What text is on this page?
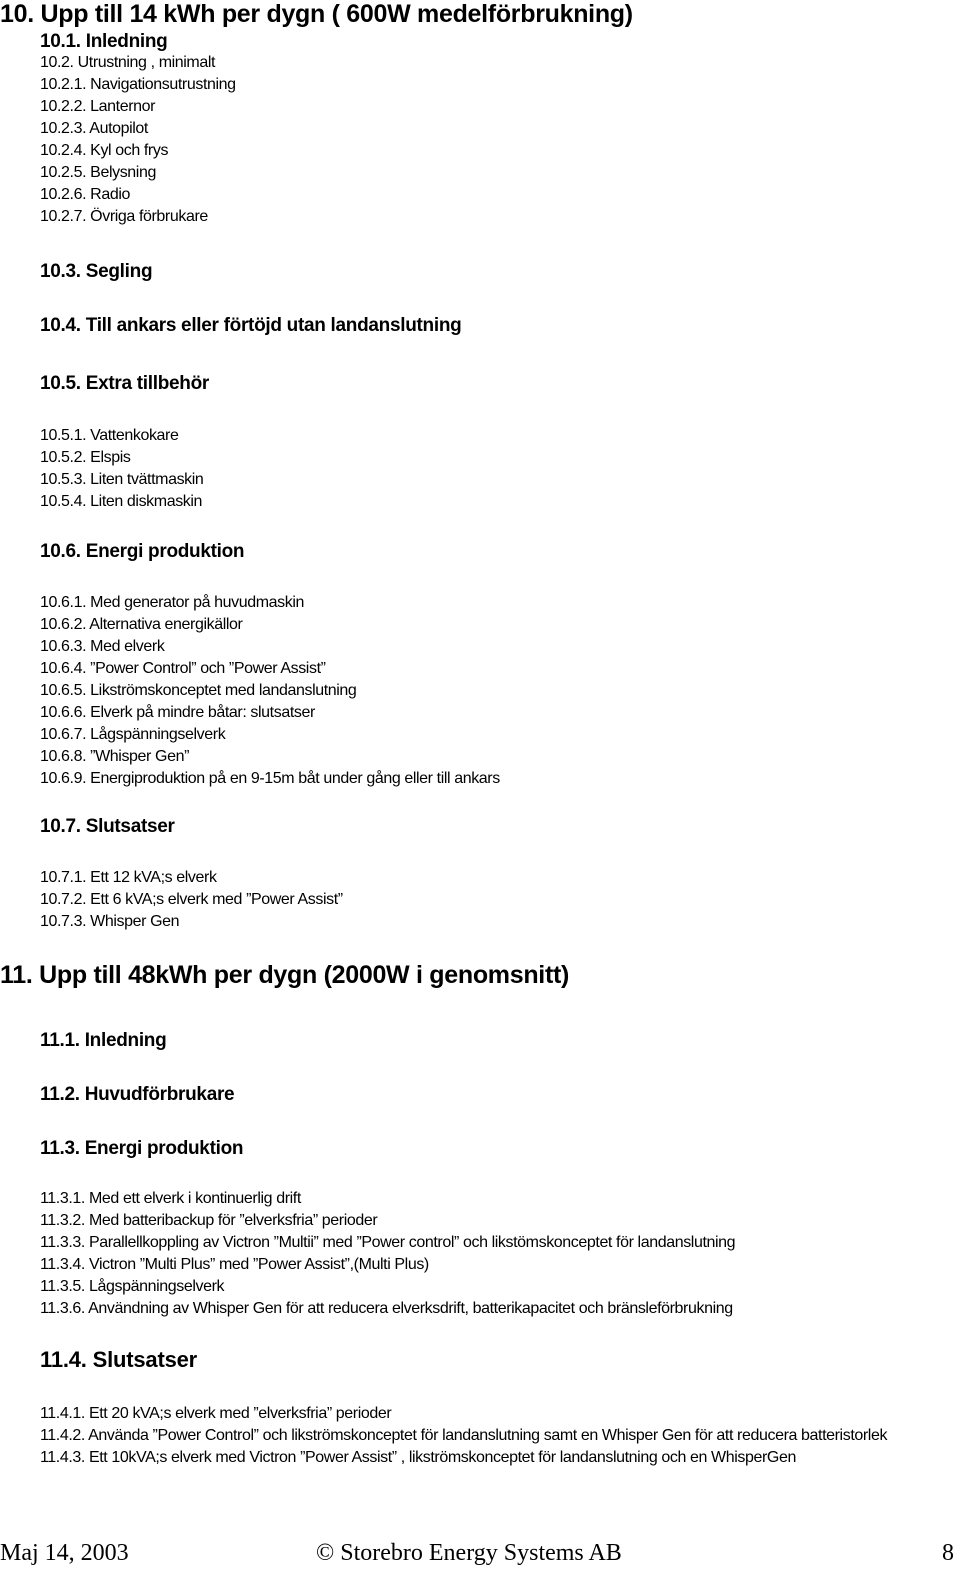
10. Upp till 14 kWh per dygn ( 600W medelförbrukning)
10.1. Inledning
10.2. Utrustning , minimalt
10.2.1. Navigationsutrustning
10.2.2. Lanternor
10.2.3. Autopilot
10.2.4. Kyl och frys
10.2.5. Belysning
10.2.6. Radio
10.2.7. Övriga förbrukare
10.3. Segling
10.4. Till ankars eller förtöjd utan landanslutning
10.5. Extra tillbehör
10.5.1. Vattenkokare
10.5.2. Elspis
10.5.3. Liten tvättmaskin
10.5.4. Liten diskmaskin
10.6. Energi produktion
10.6.1. Med generator på huvudmaskin
10.6.2. Alternativa energikällor
10.6.3. Med elverk
10.6.4. ”Power Control” och ”Power Assist”
10.6.5. Likströmskonceptet med landanslutning
10.6.6. Elverk på mindre båtar: slutsatser
10.6.7. Lågspänningselverk
10.6.8. ”Whisper Gen”
10.6.9. Energiproduktion på en 9-15m båt under gång eller till ankars
10.7. Slutsatser
10.7.1. Ett 12 kVA;s elverk
10.7.2. Ett 6 kVA;s elverk med ”Power Assist”
10.7.3. Whisper Gen
11. Upp till 48kWh per dygn (2000W i genomsnitt)
11.1. Inledning
11.2. Huvudförbrukare
11.3. Energi produktion
11.3.1. Med ett elverk i kontinuerlig drift
11.3.2. Med batteribackup för ”elverksfria” perioder
11.3.3. Parallellkoppling av Victron ”Multii” med ”Power control” och likstömskonceptet för landanslutning
11.3.4. Victron ”Multi Plus” med ”Power Assist”,(Multi Plus)
11.3.5. Lågspänningselverk
11.3.6. Användning av Whisper Gen för att reducera elverksdrift, batterikapacitet och bränsleförbrukning
11.4. Slutsatser
11.4.1. Ett 20 kVA;s elverk med ”elverksfria” perioder
11.4.2. Använda ”Power Control” och likströmskonceptet för landanslutning samt en Whisper Gen för att reducera batteristorlek
11.4.3. Ett 10kVA;s elverk med Victron ”Power Assist” , likströmskonceptet för landanslutning och en WhisperGen
Maj 14, 2003	© Storebro Energy Systems AB	8
